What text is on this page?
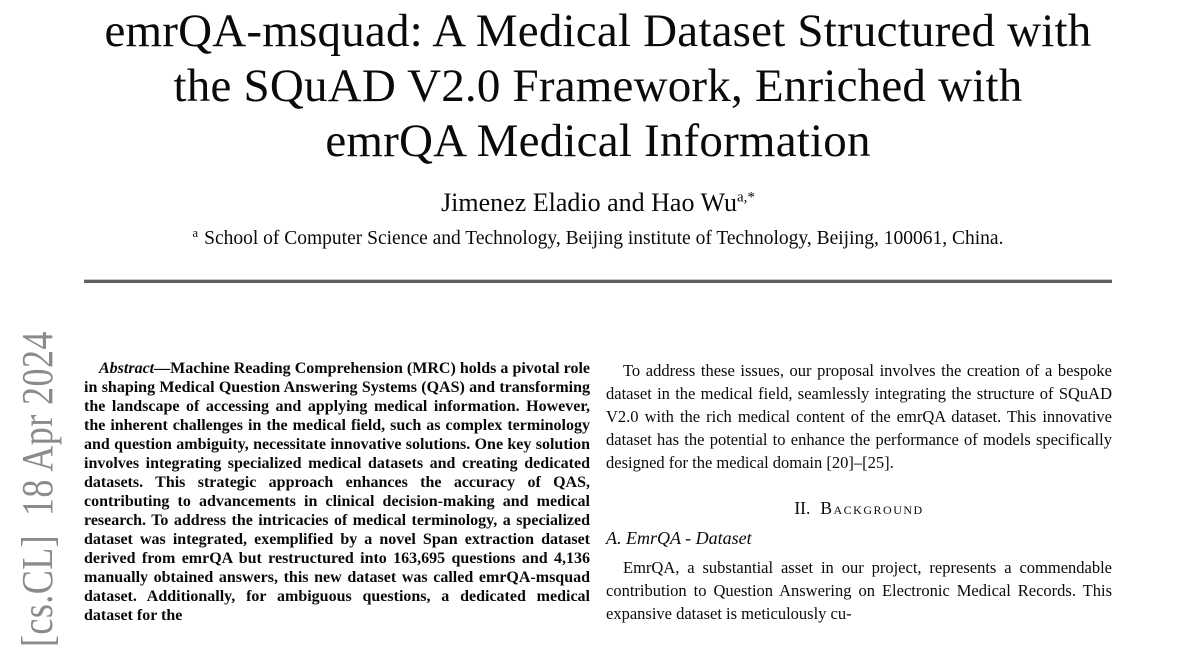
[cs.CL]  18 Apr 2024
emrQA-msquad: A Medical Dataset Structured with
the SQuAD V2.0 Framework, Enriched with
emrQA Medical Information
Jimenez Eladio and Hao $Wu^{a,*}$
$^a$ School of Computer Science and Technology, Beijing institute of Technology, Beijing, 100061, China.

Abstract—Machine Reading Comprehension (MRC) holds a pivotal role in shaping Medical Question Answering Systems (QAS) and transforming the landscape of accessing and applying medical information. However, the inherent challenges in the medical field, such as complex terminology and question ambiguity, necessitate innovative solutions. One key solution involves integrating specialized medical datasets and creating dedicated datasets. This strategic approach enhances the accuracy of QAS, contributing to advancements in clinical decision-making and medical research. To address the intricacies of medical terminology, a specialized dataset was integrated, exemplified by a novel Span extraction dataset derived from emrQA but restructured into 163,695 questions and 4,136 manually obtained answers, this new dataset was called emrQA-msquad dataset. Additionally, for ambiguous questions, a dedicated medical dataset for the

To address these issues, our proposal involves the creation of a bespoke dataset in the medical field, seamlessly integrating the structure of SQuAD V2.0 with the rich medical content of the emrQA dataset. This innovative dataset has the potential to enhance the performance of models specifically designed for the medical domain [20]–[25].

II. Background
A. EmrQA - Dataset

EmrQA, a substantial asset in our project, represents a commendable contribution to Question Answering on Electronic Medical Records. This expansive dataset is meticulously cu-
